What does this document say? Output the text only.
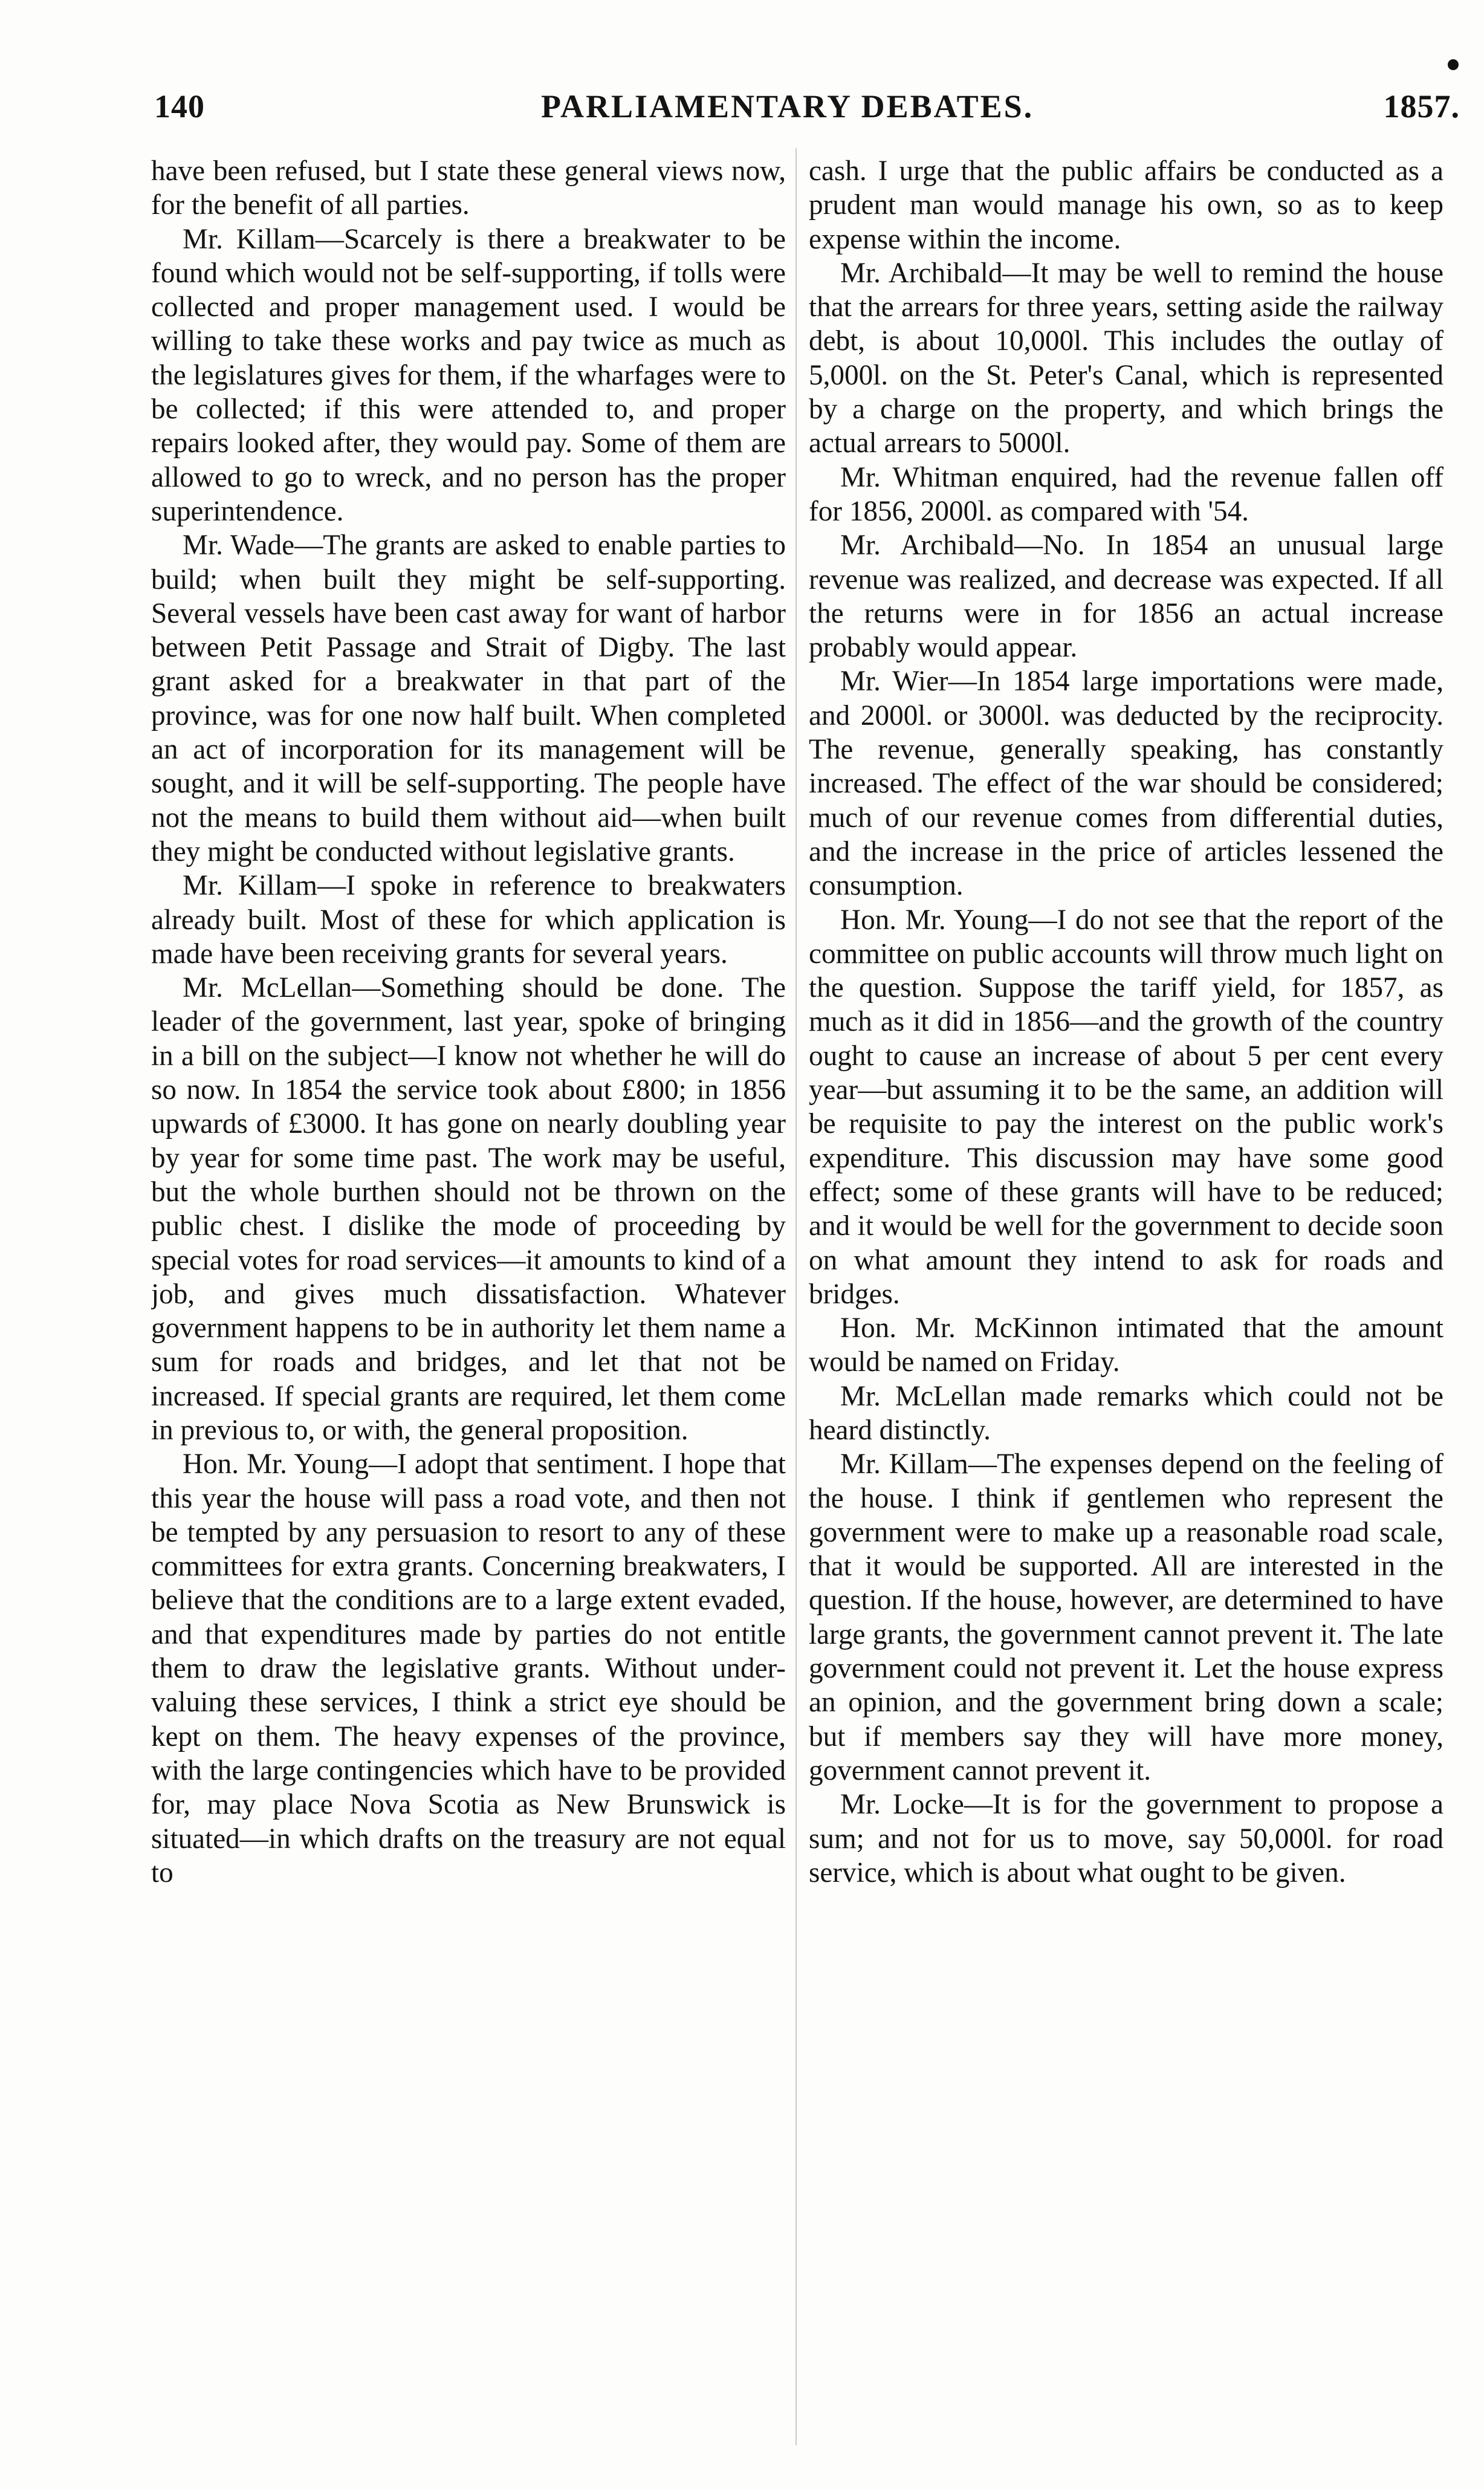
140	PARLIAMENTARY DEBATES.	1857.

have been refused, but I state these general views now, for the benefit of all parties.

Mr. Killam—Scarcely is there a breakwater to be found which would not be self-supporting, if tolls were collected and proper management used. I would be willing to take these works and pay twice as much as the legislatures gives for them, if the wharfages were to be collected; if this were attended to, and proper repairs looked after, they would pay. Some of them are allowed to go to wreck, and no person has the proper superintendence.

Mr. Wade—The grants are asked to enable parties to build; when built they might be self-supporting. Several vessels have been cast away for want of harbor between Petit Passage and Strait of Digby. The last grant asked for a breakwater in that part of the province, was for one now half built. When completed an act of incorporation for its management will be sought, and it will be self-supporting. The people have not the means to build them without aid—when built they might be conducted without legislative grants.

Mr. Killam—I spoke in reference to breakwaters already built. Most of these for which application is made have been receiving grants for several years.

Mr. McLellan—Something should be done. The leader of the government, last year, spoke of bringing in a bill on the subject—I know not whether he will do so now. In 1854 the service took about £800; in 1856 upwards of £3000. It has gone on nearly doubling year by year for some time past. The work may be useful, but the whole burthen should not be thrown on the public chest. I dislike the mode of proceeding by special votes for road services—it amounts to kind of a job, and gives much dissatisfaction. Whatever government happens to be in authority let them name a sum for roads and bridges, and let that not be increased. If special grants are required, let them come in previous to, or with, the general proposition.

Hon. Mr. Young—I adopt that sentiment. I hope that this year the house will pass a road vote, and then not be tempted by any persuasion to resort to any of these committees for extra grants. Concerning breakwaters, I believe that the conditions are to a large extent evaded, and that expenditures made by parties do not entitle them to draw the legislative grants. Without under-valuing these services, I think a strict eye should be kept on them. The heavy expenses of the province, with the large contingencies which have to be provided for, may place Nova Scotia as New Brunswick is situated—in which drafts on the treasury are not equal to

cash. I urge that the public affairs be conducted as a prudent man would manage his own, so as to keep expense within the income.

Mr. Archibald—It may be well to remind the house that the arrears for three years, setting aside the railway debt, is about 10,000l. This includes the outlay of 5,000l. on the St. Peter's Canal, which is represented by a charge on the property, and which brings the actual arrears to 5000l.

Mr. Whitman enquired, had the revenue fallen off for 1856, 2000l. as compared with '54.

Mr. Archibald—No. In 1854 an unusual large revenue was realized, and decrease was expected. If all the returns were in for 1856 an actual increase probably would appear.

Mr. Wier—In 1854 large importations were made, and 2000l. or 3000l. was deducted by the reciprocity. The revenue, generally speaking, has constantly increased. The effect of the war should be considered; much of our revenue comes from differential duties, and the increase in the price of articles lessened the consumption.

Hon. Mr. Young—I do not see that the report of the committee on public accounts will throw much light on the question. Suppose the tariff yield, for 1857, as much as it did in 1856—and the growth of the country ought to cause an increase of about 5 per cent every year—but assuming it to be the same, an addition will be requisite to pay the interest on the public work's expenditure. This discussion may have some good effect; some of these grants will have to be reduced; and it would be well for the government to decide soon on what amount they intend to ask for roads and bridges.

Hon. Mr. McKinnon intimated that the amount would be named on Friday.

Mr. McLellan made remarks which could not be heard distinctly.

Mr. Killam—The expenses depend on the feeling of the house. I think if gentlemen who represent the government were to make up a reasonable road scale, that it would be supported. All are interested in the question. If the house, however, are determined to have large grants, the government cannot prevent it. The late government could not prevent it. Let the house express an opinion, and the government bring down a scale; but if members say they will have more money, government cannot prevent it.

Mr. Locke—It is for the government to propose a sum; and not for us to move, say 50,000l. for road service, which is about what ought to be given.
